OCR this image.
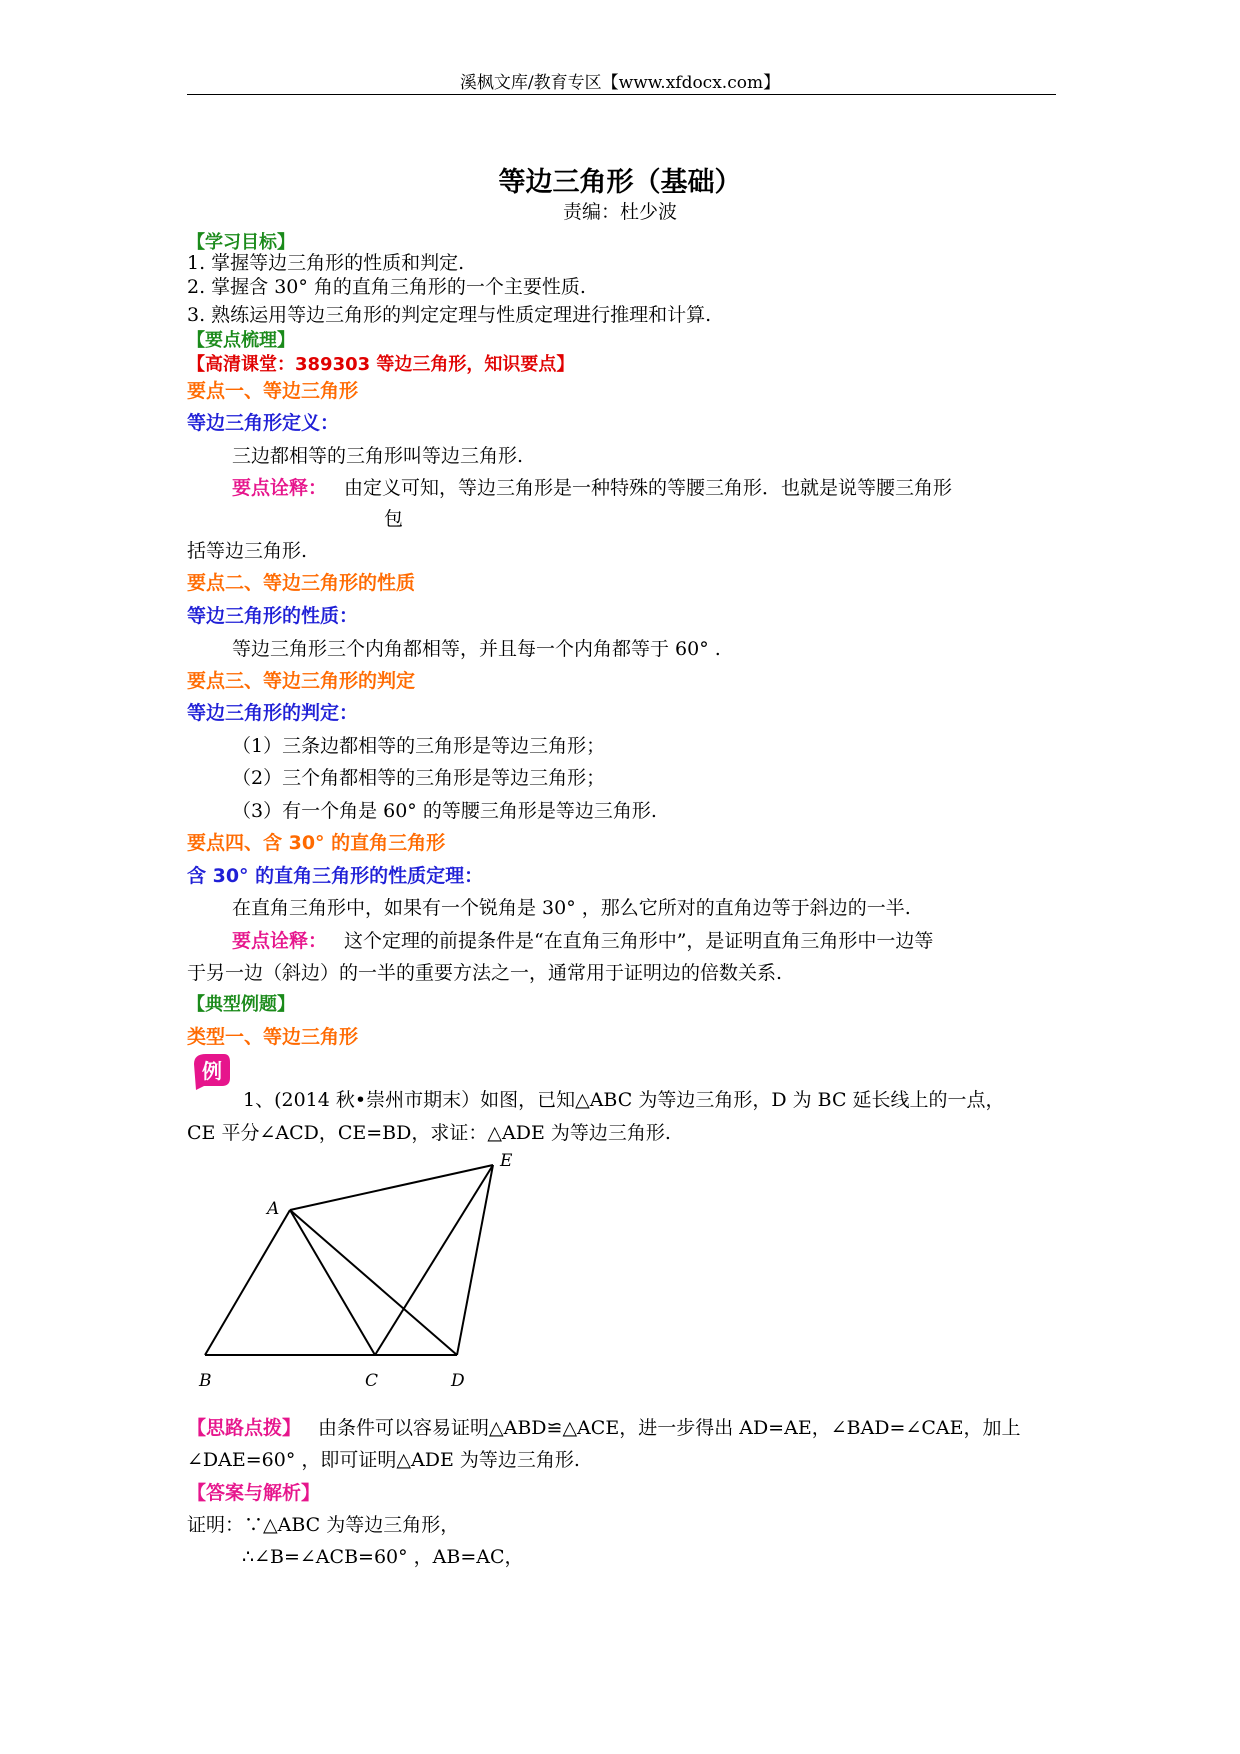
溪枫文库/教育专区【www.xfdocx.com】
等边三角形（基础）
责编：杜少波
【学习目标】
1. 掌握等边三角形的性质和判定.
2. 掌握含 30° 角的直角三角形的一个主要性质.
3. 熟练运用等边三角形的判定定理与性质定理进行推理和计算.
【要点梳理】
【高清课堂：389303 等边三角形，知识要点】
要点一、等边三角形
等边三角形定义：
三边都相等的三角形叫等边三角形.
要点诠释： 由定义可知，等边三角形是一种特殊的等腰三角形．也就是说等腰三角形
包
括等边三角形.
要点二、等边三角形的性质
等边三角形的性质：
等边三角形三个内角都相等，并且每一个内角都等于 60° .
要点三、等边三角形的判定
等边三角形的判定：
（1）三条边都相等的三角形是等边三角形；
（2）三个角都相等的三角形是等边三角形；
（3）有一个角是 60° 的等腰三角形是等边三角形.
要点四、含 30° 的直角三角形
含 30° 的直角三角形的性质定理：
在直角三角形中，如果有一个锐角是 30° ，那么它所对的直角边等于斜边的一半.
要点诠释： 这个定理的前提条件是“在直角三角形中”，是证明直角三角形中一边等
于另一边（斜边）的一半的重要方法之一，通常用于证明边的倍数关系.
【典型例题】
类型一、等边三角形
例
1、(2014 秋•崇州市期末）如图，已知△ABC 为等边三角形，D 为 BC 延长线上的一点，
CE 平分∠ACD，CE=BD，求证：△ADE 为等边三角形.
A
B	C	D
E
【思路点拨】 由条件可以容易证明△ABD≌△ACE，进一步得出 AD=AE，∠BAD=∠CAE，加上
∠DAE=60° ，即可证明△ADE 为等边三角形.
【答案与解析】
证明：∵△ABC 为等边三角形，
∴∠B=∠ACB=60° ，AB=AC，
